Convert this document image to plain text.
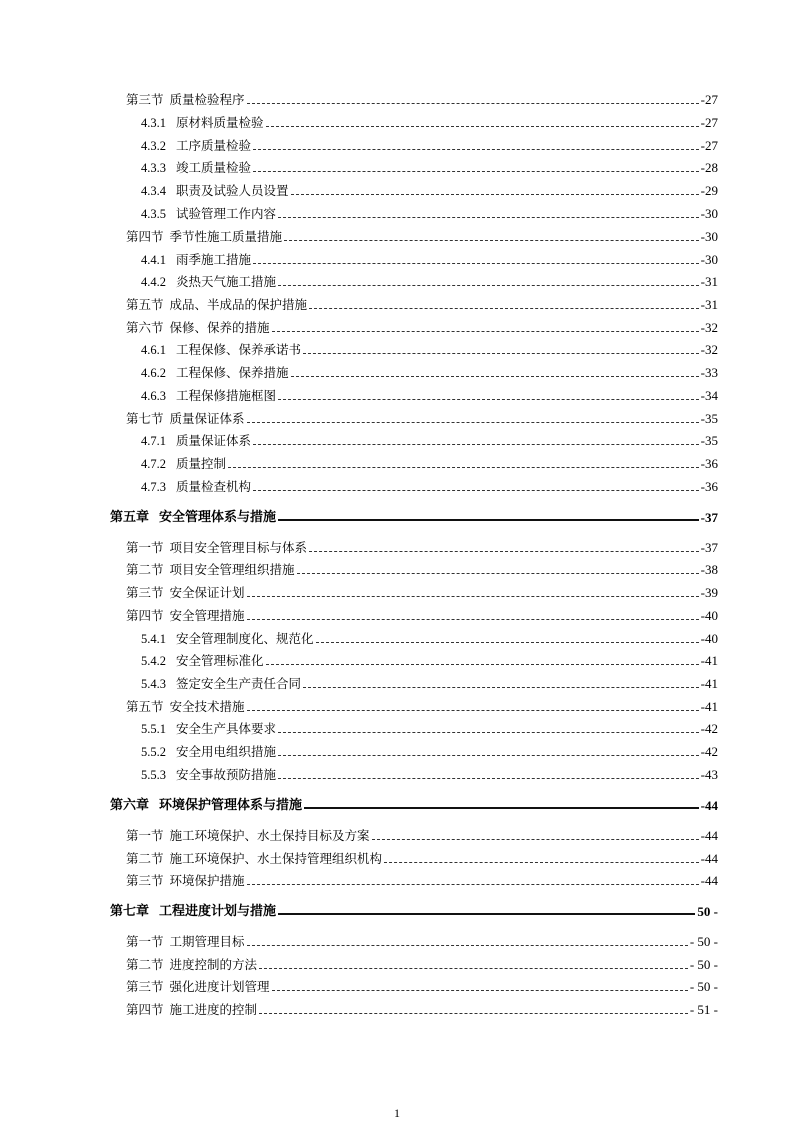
第三节 质量检验程序	-27
4.3.1 原材料质量检验	-27
4.3.2 工序质量检验	-27
4.3.3 竣工质量检验	-28
4.3.4 职责及试验人员设置	-29
4.3.5 试验管理工作内容	-30
第四节 季节性施工质量措施	-30
4.4.1 雨季施工措施	-30
4.4.2 炎热天气施工措施	-31
第五节 成品、半成品的保护措施	-31
第六节 保修、保养的措施	-32
4.6.1 工程保修、保养承诺书	-32
4.6.2 工程保修、保养措施	-33
4.6.3 工程保修措施框图	-34
第七节 质量保证体系	-35
4.7.1 质量保证体系	-35
4.7.2 质量控制	-36
4.7.3 质量检查机构	-36
第五章 安全管理体系与措施	-37
第一节 项目安全管理目标与体系	-37
第二节 项目安全管理组织措施	-38
第三节 安全保证计划	-39
第四节 安全管理措施	-40
5.4.1 安全管理制度化、规范化	-40
5.4.2 安全管理标准化	-41
5.4.3 签定安全生产责任合同	-41
第五节 安全技术措施	-41
5.5.1 安全生产具体要求	-42
5.5.2 安全用电组织措施	-42
5.5.3 安全事故预防措施	-43
第六章 环境保护管理体系与措施	-44
第一节 施工环境保护、水土保持目标及方案	-44
第二节 施工环境保护、水土保持管理组织机构	-44
第三节 环境保护措施	-44
第七章 工程进度计划与措施	50 -
第一节 工期管理目标	- 50 -
第二节 进度控制的方法	- 50 -
第三节 强化进度计划管理	- 50 -
第四节 施工进度的控制	- 51 -
1
